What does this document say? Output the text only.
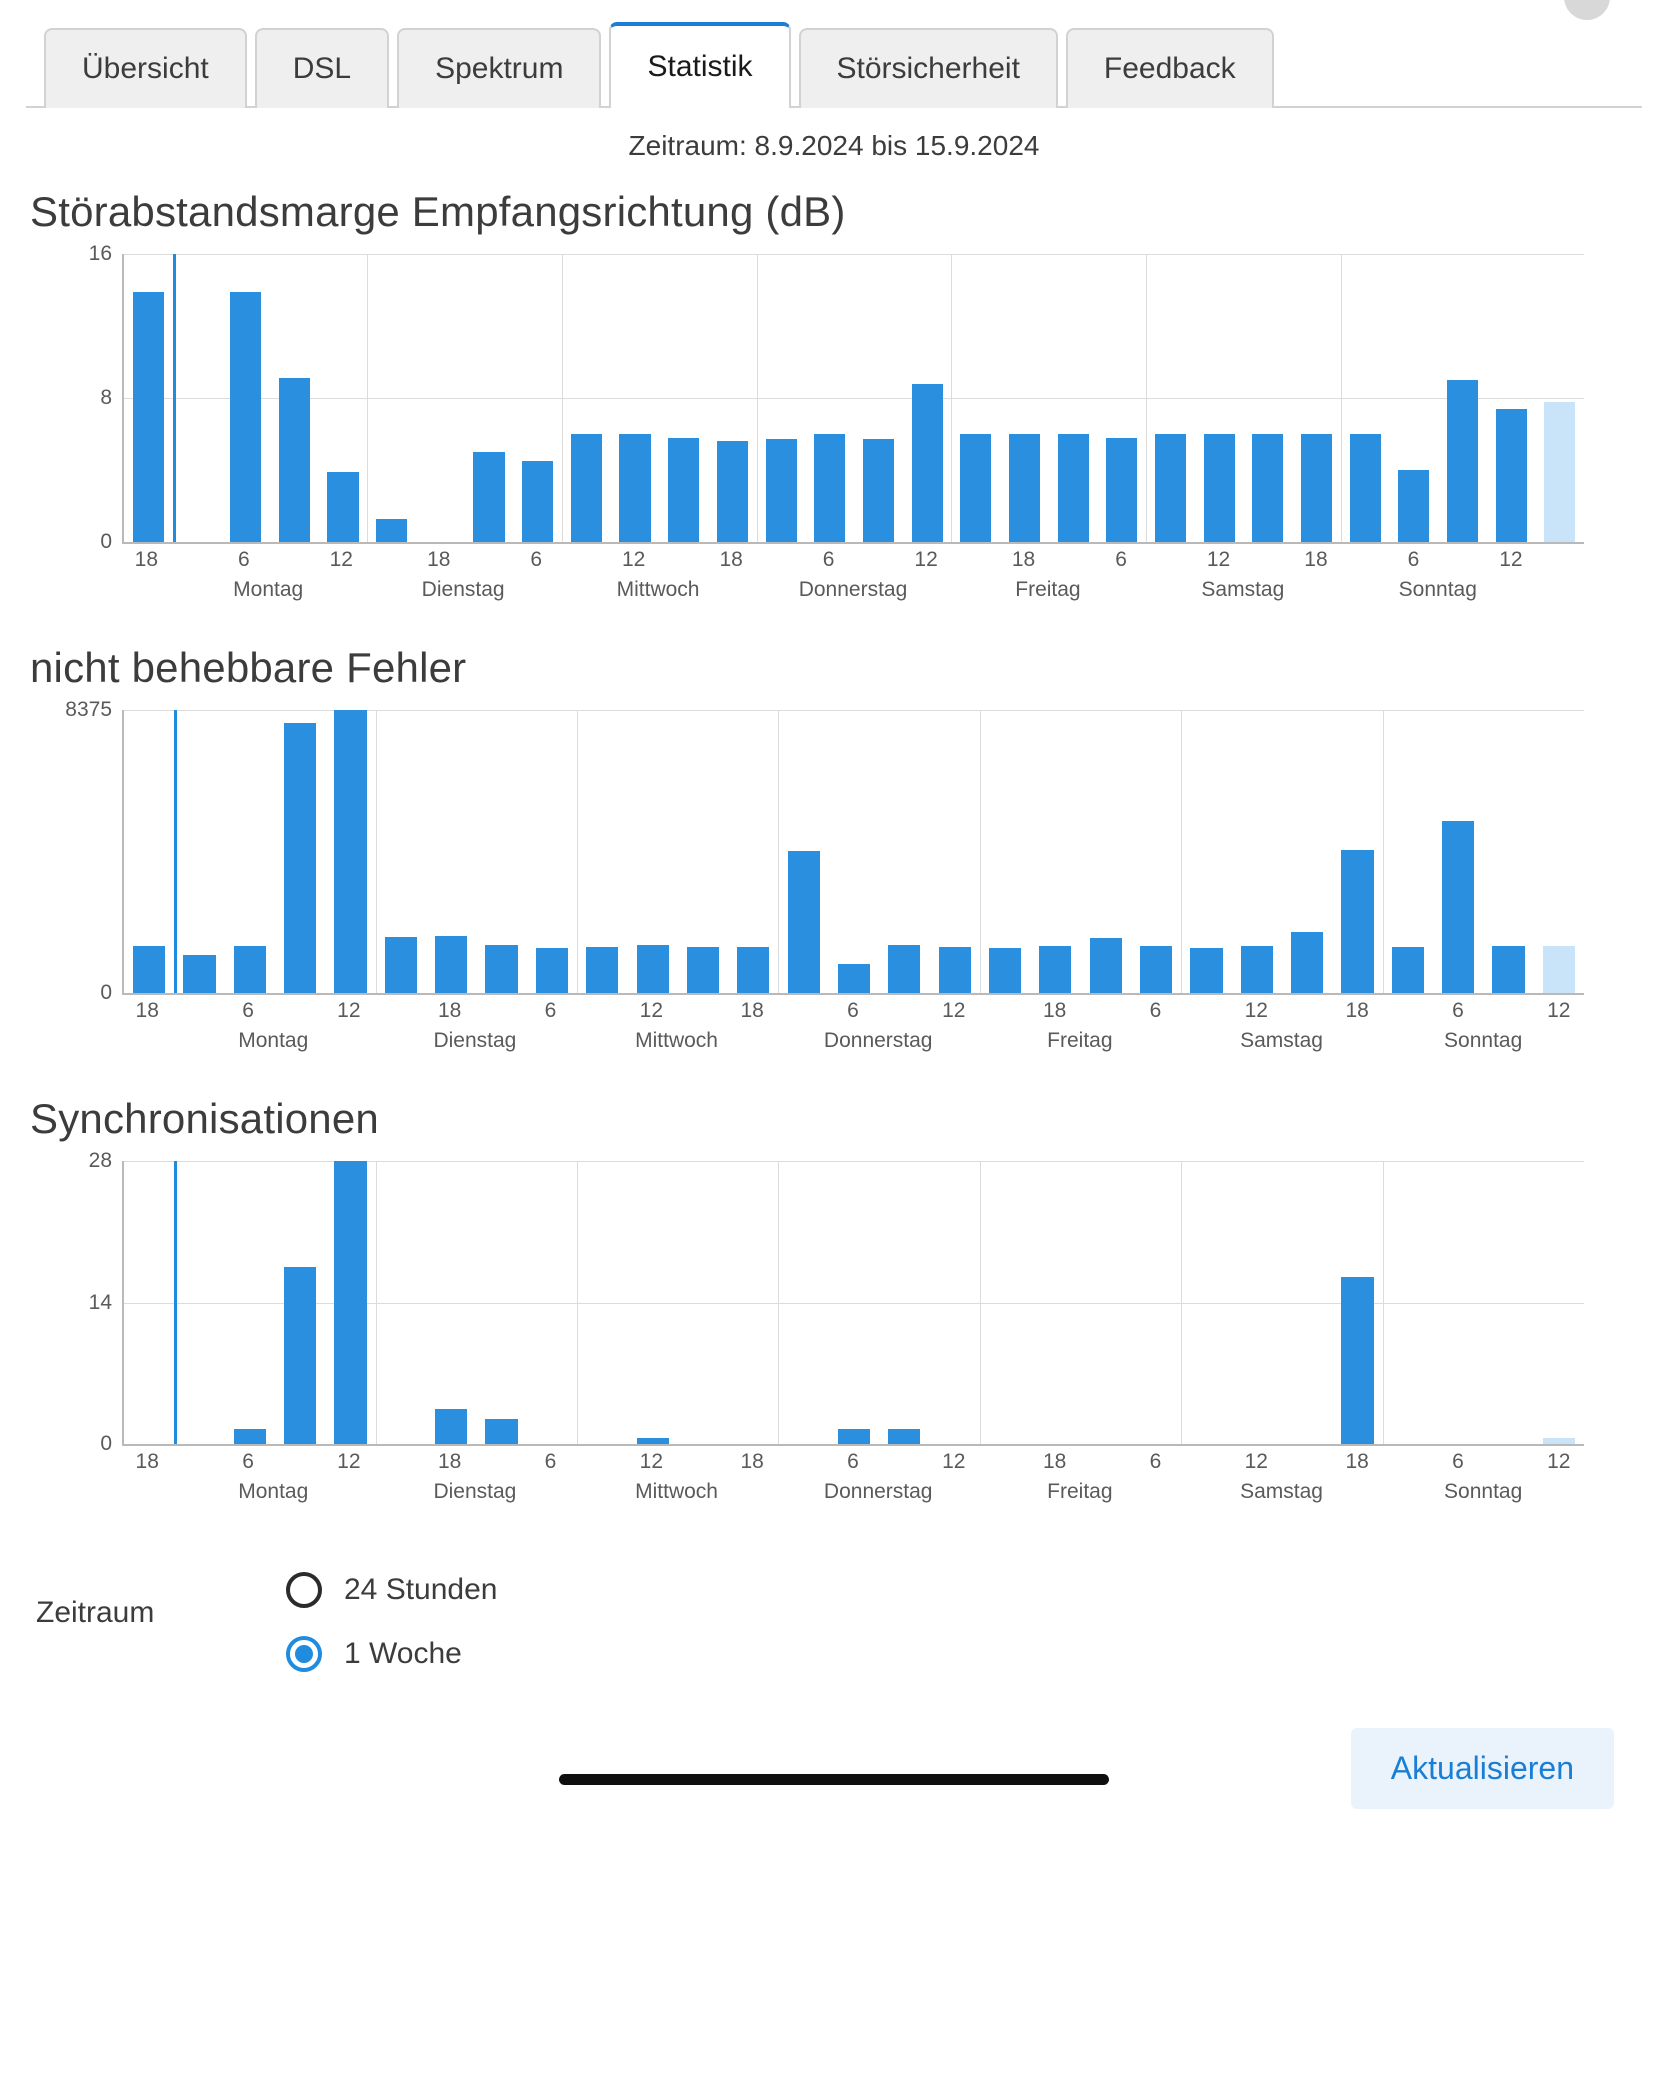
Übersicht	DSL	Spektrum	Statistik	Störsicherheit	Feedback
Zeitraum: 8.9.2024 bis 15.9.2024
Störabstandsmarge Empfangsrichtung (dB)
0
8
16
18	6	12	18	6	12	18	6	12	18	6	12	18	6	12
Montag	Dienstag	Mittwoch	Donnerstag	Freitag	Samstag	Sonntag
nicht behebbare Fehler
0
8375
18	6	12	18	6	12	18	6	12	18	6	12	18	6	12
Montag	Dienstag	Mittwoch	Donnerstag	Freitag	Samstag	Sonntag
Synchronisationen
0
14
28
18	6	12	18	6	12	18	6	12	18	6	12	18	6	12
Montag	Dienstag	Mittwoch	Donnerstag	Freitag	Samstag	Sonntag
Zeitraum
24 Stunden
1 Woche
Aktualisieren
